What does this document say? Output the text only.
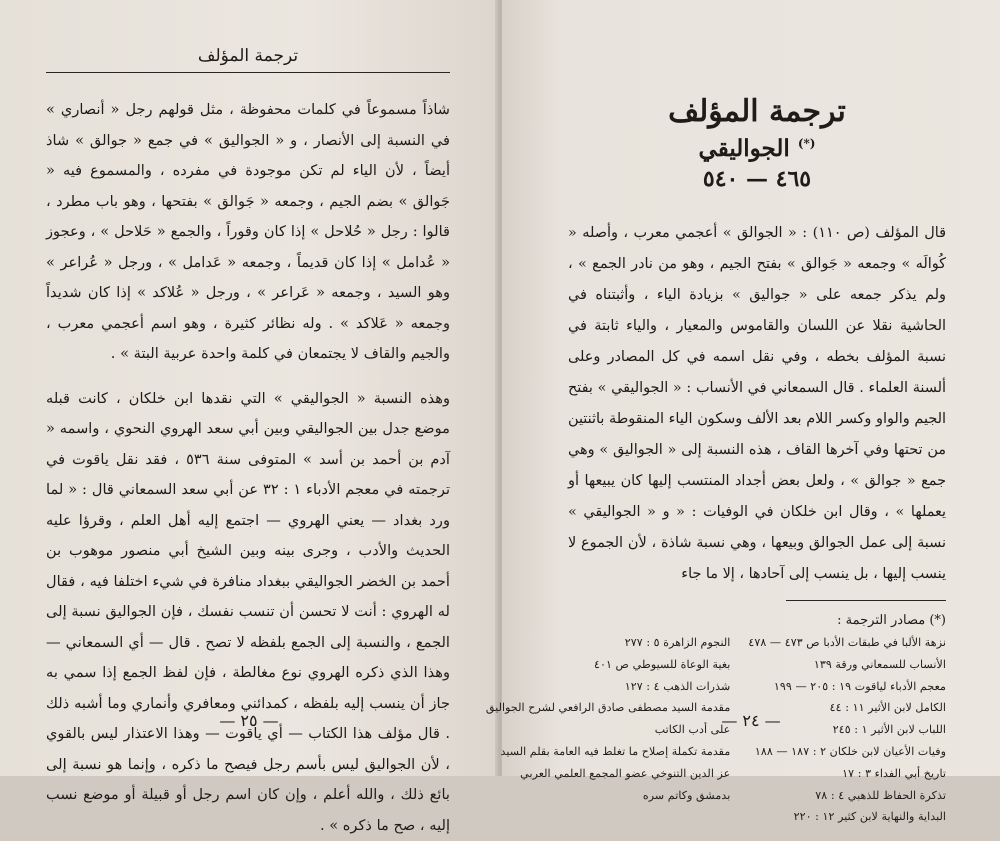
ترجمة المؤلف

شاذاً مسموعاً في كلمات محفوظة ، مثل قولهم رجل « أنصاري » في النسبة إلى الأنصار ، و « الجواليق » في جمع « جوالق » شاذ أيضاً ، لأن الياء لم تكن موجودة في مفرده ، والمسموع فيه « جَوالق » بضم الجيم ، وجمعه « جَوالق » بفتحها ، وهو باب مطرد ، قالوا : رجل « حُلاحل » إذا كان وقوراً ، والجمع « حَلاحل » ، وعجوز « عُدامل » إذا كان قديماً ، وجمعه « عَدامل » ، ورجل « عُراعر » وهو السيد ، وجمعه « عَراعر » ، ورجل « عُلاكد » إذا كان شديداً وجمعه « عَلاكد » . وله نظائر كثيرة ، وهو اسم أعجمي معرب ، والجيم والقاف لا يجتمعان في كلمة واحدة عربية البتة » .

وهذه النسبة « الجواليقي » التي نقدها ابن خلكان ، كانت قبله موضع جدل بين الجواليقي وبين أبي سعد الهروي النحوي ، واسمه « آدم بن أحمد بن أسد » المتوفى سنة ٥٣٦ ، فقد نقل ياقوت في ترجمته في معجم الأدباء ١ : ٣٢ عن أبي سعد السمعاني قال : « لما ورد بغداد — يعني الهروي — اجتمع إليه أهل العلم ، وقرؤا عليه الحديث والأدب ، وجرى بينه وبين الشيخ أبي منصور موهوب بن أحمد بن الخضر الجواليقي ببغداد منافرة في شيء اختلفا فيه ، فقال له الهروي : أنت لا تحسن أن تنسب نفسك ، فإن الجواليق نسبة إلى الجمع ، والنسبة إلى الجمع بلفظه لا تصح . قال — أي السمعاني — وهذا الذي ذكره الهروي نوع مغالطة ، فإن لفظ الجمع إذا سمي به جاز أن ينسب إليه بلفظه ، كمدائني ومعافري وأنماري وما أشبه ذلك . قال مؤلف هذا الكتاب — أي ياقوت — وهذا الاعتذار ليس بالقوي ، لأن الجواليق ليس بأسم رجل فيصح ما ذكره ، وإنما هو نسبة إلى بائع ذلك ، والله أعلم ، وإن كان اسم رجل أو قبيلة أو موضع نسب إليه ، صح ما ذكره » .

— ٢٥ —
ترجمة المؤلف
(*) الجواليقي
٤٦٥ — ٥٤٠

قال المؤلف (ص ١١٠) : « الجوالق » أعجمي معرب ، وأصله « كُوالَه » وجمعه « جَوالق » بفتح الجيم ، وهو من نادر الجمع » ، ولم يذكر جمعه على « جواليق » بزيادة الياء ، وأثبتناه في الحاشية نقلا عن اللسان والقاموس والمعيار ، والياء ثابتة في نسبة المؤلف بخطه ، وفي نقل اسمه في كل المصادر وعلى ألسنة العلماء . قال السمعاني في الأنساب : « الجواليقي » بفتح الجيم والواو وكسر اللام بعد الألف وسكون الياء المنقوطة باثنتين من تحتها وفي آخرها القاف ، هذه النسبة إلى « الجواليق » وهي جمع « جوالق » ، ولعل بعض أجداد المنتسب إليها كان يبيعها أو يعملها » ، وقال ابن خلكان في الوفيات : « و « الجواليقي » نسبة إلى عمل الجوالق وبيعها ، وهي نسبة شاذة ، لأن الجموع لا ينسب إليها ، بل ينسب إلى آحادها ، إلا ما جاء

(*) مصادر الترجمة :
نزهة الألبا في طبقات الأدبا ص ٤٧٣ — ٤٧٨
الأنساب للسمعاني ورقة ١٣٩
معجم الأدباء لياقوت ١٩ : ٢٠٥ — ١٩٩
الكامل لابن الأثير ١١ : ٤٤
اللباب لابن الأثير ١ : ٢٤٥
وفيات الأعيان لابن خلكان ٢ : ١٨٧ — ١٨٨
تاريخ أبي الفداء ٣ : ١٧
تذكرة الحفاظ للذهبي ٤ : ٧٨
البداية والنهاية لابن كثير ١٢ : ٢٢٠
النجوم الزاهرة ٥ : ٢٧٧
بغية الوعاة للسيوطي ص ٤٠١
شذرات الذهب ٤ : ١٢٧
مقدمة السيد مصطفى صادق الرافعي لشرح الجواليق
على أدب الكاتب
مقدمة تكملة إصلاح ما تغلط فيه العامة بقلم السيد
عز الدين التنوخي عضو المجمع العلمي العربي
بدمشق وكاتم سره
— ٢٤ —
